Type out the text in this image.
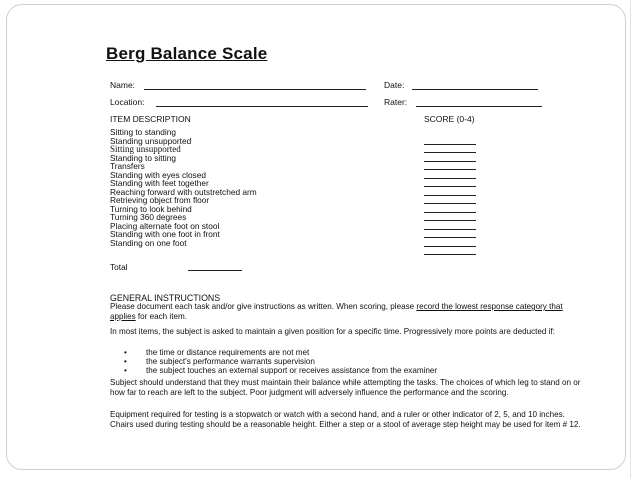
Berg Balance Scale
Name:	Date:
Location:	Rater:
ITEM DESCRIPTION	SCORE (0-4)
Sitting to standing
Standing unsupported
Sitting unsupported
Standing to sitting
Transfers
Standing with eyes closed
Standing with feet together
Reaching forward with outstretched arm
Retrieving object from floor
Turning to look behind
Turning 360 degrees
Placing alternate foot on stool
Standing with one foot in front
Standing on one foot
Total
GENERAL INSTRUCTIONS
Please document each task and/or give instructions as written. When scoring, please record the lowest response category that applies for each item.
In most items, the subject is asked to maintain a given position for a specific time. Progressively more points are deducted if:
• the time or distance requirements are not met
• the subject's performance warrants supervision
• the subject touches an external support or receives assistance from the examiner
Subject should understand that they must maintain their balance while attempting the tasks. The choices of which leg to stand on or how far to reach are left to the subject. Poor judgment will adversely influence the performance and the scoring.
Equipment required for testing is a stopwatch or watch with a second hand, and a ruler or other indicator of 2, 5, and 10 inches. Chairs used during testing should be a reasonable height. Either a step or a stool of average step height may be used for item # 12.
